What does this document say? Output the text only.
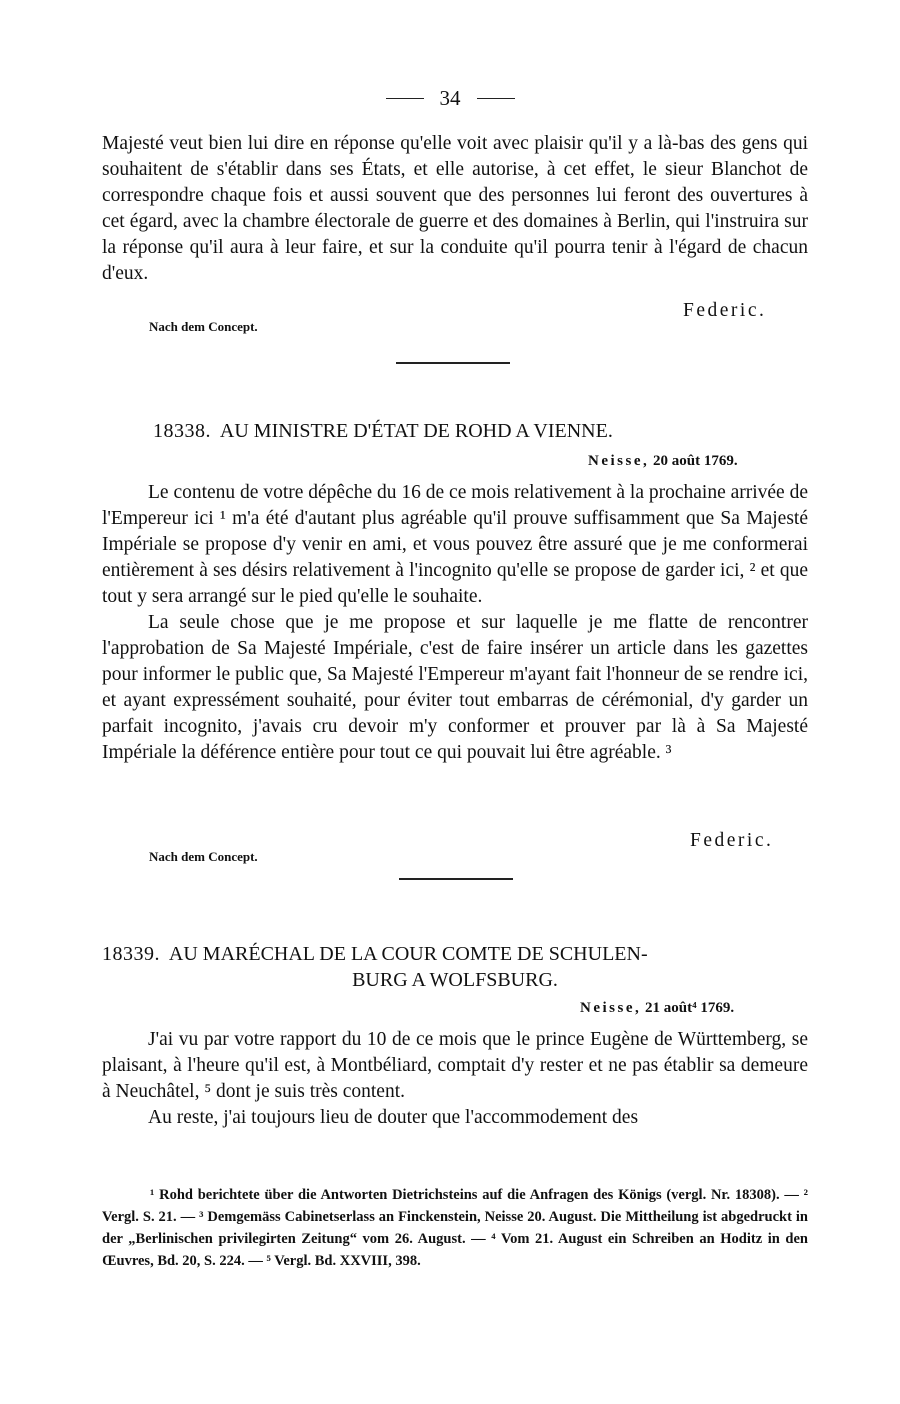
34

Majesté veut bien lui dire en réponse qu'elle voit avec plaisir qu'il y a là-bas des gens qui souhaitent de s'établir dans ses États, et elle autorise, à cet effet, le sieur Blanchot de correspondre chaque fois et aussi souvent que des personnes lui feront des ouvertures à cet égard, avec la chambre électorale de guerre et des domaines à Berlin, qui l'instruira sur la réponse qu'il aura à leur faire, et sur la conduite qu'il pourra tenir à l'égard de chacun d'eux.

Federic.
Nach dem Concept.
18338. AU MINISTRE D'ÉTAT DE ROHD A VIENNE.
Neisse, 20 août 1769.

Le contenu de votre dépêche du 16 de ce mois relativement à la prochaine arrivée de l'Empereur ici ¹ m'a été d'autant plus agréable qu'il prouve suffisamment que Sa Majesté Impériale se propose d'y venir en ami, et vous pouvez être assuré que je me conformerai entièrement à ses désirs relativement à l'incognito qu'elle se propose de garder ici, ² et que tout y sera arrangé sur le pied qu'elle le souhaite.

La seule chose que je me propose et sur laquelle je me flatte de rencontrer l'approbation de Sa Majesté Impériale, c'est de faire insérer un article dans les gazettes pour informer le public que, Sa Majesté l'Empereur m'ayant fait l'honneur de se rendre ici, et ayant expressément souhaité, pour éviter tout embarras de cérémonial, d'y garder un parfait incognito, j'avais cru devoir m'y conformer et prouver par là à Sa Majesté Impériale la déférence entière pour tout ce qui pouvait lui être agréable. ³

Federic.
Nach dem Concept.
18339. AU MARÉCHAL DE LA COUR COMTE DE SCHULEN-
BURG A WOLFSBURG.
Neisse, 21 août⁴ 1769.

J'ai vu par votre rapport du 10 de ce mois que le prince Eugène de Württemberg, se plaisant, à l'heure qu'il est, à Montbéliard, comptait d'y rester et ne pas établir sa demeure à Neuchâtel, ⁵ dont je suis très content.

Au reste, j'ai toujours lieu de douter que l'accommodement des

¹ Rohd berichtete über die Antworten Dietrichsteins auf die Anfragen des Königs (vergl. Nr. 18308). — ² Vergl. S. 21. — ³ Demgemäss Cabinetserlass an Finckenstein, Neisse 20. August. Die Mittheilung ist abgedruckt in der „Berlinischen privilegirten Zeitung“ vom 26. August. — ⁴ Vom 21. August ein Schreiben an Hoditz in den Œuvres, Bd. 20, S. 224. — ⁵ Vergl. Bd. XXVIII, 398.
